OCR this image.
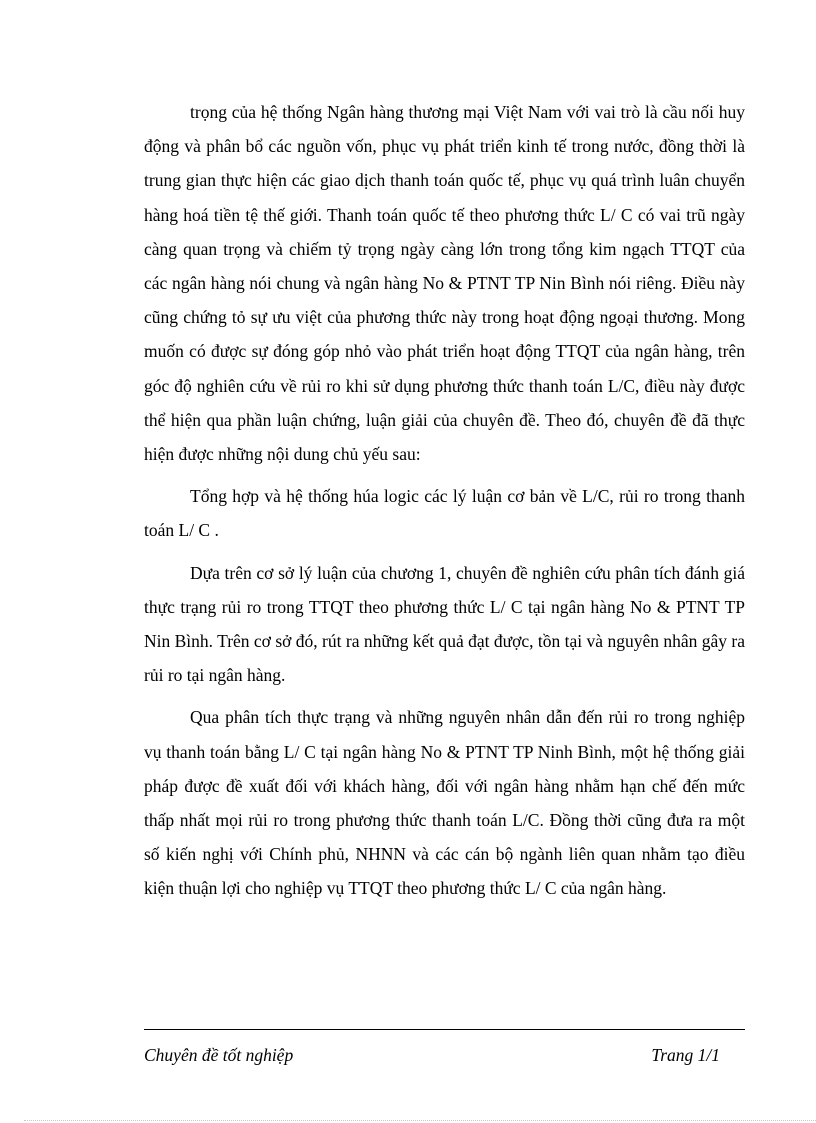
trọng của hệ thống Ngân hàng thương mại Việt Nam với vai trò là cầu nối huy động và phân bổ các nguồn vốn, phục vụ phát triển kinh tế trong nước, đồng thời là trung gian thực hiện các giao dịch thanh toán quốc tế, phục vụ quá trình luân chuyển hàng hoá tiền tệ thế giới. Thanh toán quốc tế theo phương thức L/ C có vai trũ ngày càng quan trọng và chiếm tỷ trọng ngày càng lớn trong tổng kim ngạch TTQT của các ngân hàng nói chung và ngân hàng No & PTNT TP Nin Bình nói riêng. Điều này cũng chứng tỏ sự ưu việt của phương thức này trong hoạt động ngoại thương. Mong muốn có được sự đóng góp nhỏ vào phát triển hoạt động TTQT của ngân hàng, trên góc độ nghiên cứu về rủi ro khi sử dụng phương thức thanh toán L/C, điều này được thể hiện qua phần luận chứng, luận giải của chuyên đề. Theo đó, chuyên đề đã thực hiện được những nội dung chủ yếu sau:

Tổng hợp và hệ thống húa logic các lý luận cơ bản về L/C, rủi ro trong thanh toán L/ C .

Dựa trên cơ sở lý luận của chương 1, chuyên đề nghiên cứu phân tích đánh giá thực trạng rủi ro trong TTQT theo phương thức L/ C tại ngân hàng No & PTNT TP Nin Bình. Trên cơ sở đó, rút ra những kết quả đạt được, tồn tại và nguyên nhân gây ra rủi ro tại ngân hàng.

Qua phân tích thực trạng và những nguyên nhân dẫn đến rủi ro trong nghiệp vụ thanh toán bằng L/ C tại ngân hàng No & PTNT TP Ninh Bình, một hệ thống giải pháp được đề xuất đối với khách hàng, đối với ngân hàng nhằm hạn chế đến mức thấp nhất mọi rủi ro trong phương thức thanh toán L/C. Đồng thời cũng đưa ra một số kiến nghị với Chính phủ, NHNN và các cán bộ ngành liên quan nhằm tạo điều kiện thuận lợi cho nghiệp vụ TTQT theo phương thức L/ C của ngân hàng.

Chuyên đề tốt nghiệp	Trang 1/1
